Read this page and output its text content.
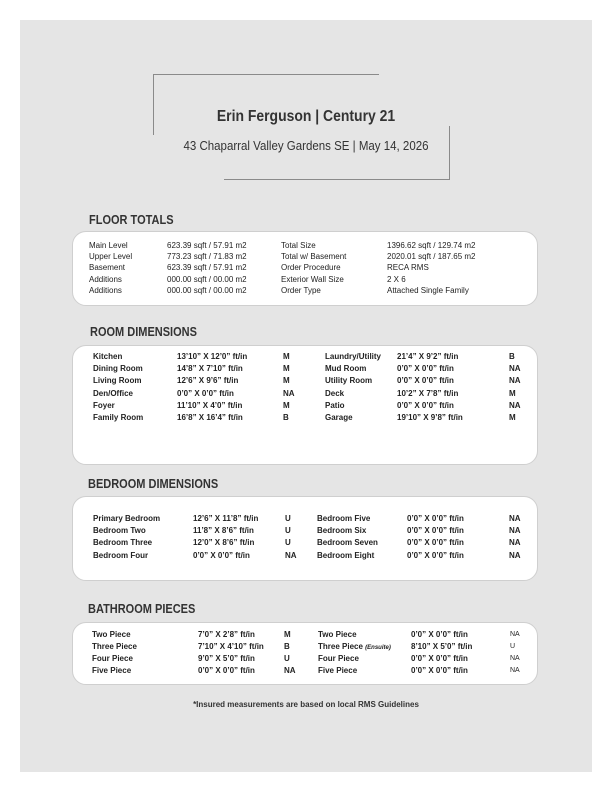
Erin Ferguson | Century 21
43 Chaparral Valley Gardens SE | May 14, 2026
FLOOR TOTALS
Main Level	623.39 sqft / 57.91 m2	Total Size	1396.62 sqft / 129.74 m2
Upper Level	773.23 sqft / 71.83 m2	Total w/ Basement	2020.01 sqft / 187.65 m2
Basement	623.39 sqft / 57.91 m2	Order Procedure	RECA RMS
Additions	000.00 sqft / 00.00 m2	Exterior Wall Size	2 X 6
Additions	000.00 sqft / 00.00 m2	Order Type	Attached Single Family
ROOM DIMENSIONS
Kitchen	13’10” X 12’0” ft/in	M	Laundry/Utility 21’4” X 9’2” ft/in	B
Dining Room	14’8” X 7’10” ft/in	M	Mud Room	0’0” X 0’0” ft/in	NA
Living Room	12’6” X 9’6” ft/in	M	Utility Room	0’0” X 0’0” ft/in	NA
Den/Office	0’0” X 0’0” ft/in	NA	Deck	10’2” X 7’8” ft/in	M
Foyer	11’10” X 4’0” ft/in	M	Patio	0’0” X 0’0” ft/in	NA
Family Room	16’8” X 16’4” ft/in	B	Garage	19’10” X 9’8” ft/in	M
BEDROOM DIMENSIONS
Primary Bedroom	12’6” X 11’8” ft/in	U	Bedroom Five	0’0” X 0’0” ft/in	NA
Bedroom Two	11’8” X 8’6” ft/in	U	Bedroom Six	0’0” X 0’0” ft/in	NA
Bedroom Three	12’0” X 8’6” ft/in	U	Bedroom Seven	0’0” X 0’0” ft/in	NA
Bedroom Four	0’0” X 0’0” ft/in	NA	Bedroom Eight	0’0” X 0’0” ft/in	NA
BATHROOM PIECES
Two Piece	7’0” X 2’8” ft/in	M	Two Piece	0’0” X 0’0” ft/in	NA
Three Piece	7’10” X 4’10” ft/in	B	Three Piece (Ensuite)	8’10” X 5’0” ft/in	U
Four Piece	9’0” X 5’0” ft/in	U	Four Piece	0’0” X 0’0” ft/in	NA
Five Piece	0’0” X 0’0” ft/in	NA	Five Piece	0’0” X 0’0” ft/in	NA
*Insured measurements are based on local RMS Guidelines
